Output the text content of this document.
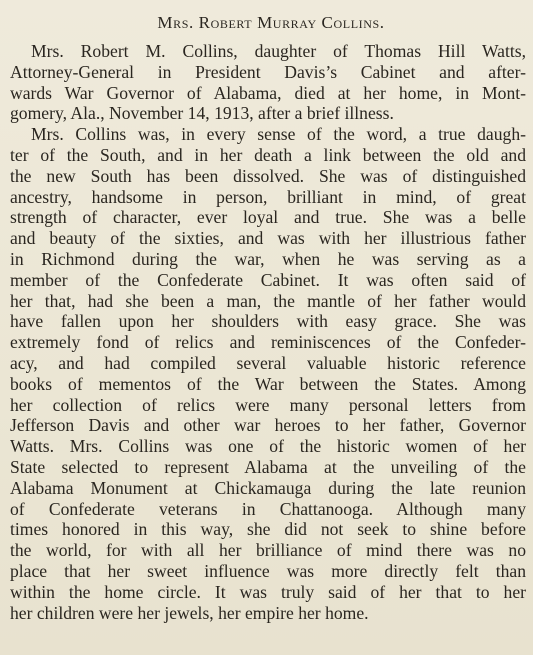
Mrs. Robert Murray Collins.
Mrs. Robert M. Collins, daughter of Thomas Hill Watts,
Attorney-General in President Davis’s Cabinet and after-
wards War Governor of Alabama, died at her home, in Mont-
gomery, Ala., November 14, 1913, after a brief illness.
Mrs. Collins was, in every sense of the word, a true daugh-
ter of the South, and in her death a link between the old and
the new South has been dissolved. She was of distinguished
ancestry, handsome in person, brilliant in mind, of great
strength of character, ever loyal and true. She was a belle
and beauty of the sixties, and was with her illustrious father
in Richmond during the war, when he was serving as a
member of the Confederate Cabinet. It was often said of
her that, had she been a man, the mantle of her father would
have fallen upon her shoulders with easy grace. She was
extremely fond of relics and reminiscences of the Confeder-
acy, and had compiled several valuable historic reference
books of mementos of the War between the States. Among
her collection of relics were many personal letters from
Jefferson Davis and other war heroes to her father, Governor
Watts. Mrs. Collins was one of the historic women of her
State selected to represent Alabama at the unveiling of the
Alabama Monument at Chickamauga during the late reunion
of Confederate veterans in Chattanooga. Although many
times honored in this way, she did not seek to shine before
the world, for with all her brilliance of mind there was no
place that her sweet influence was more directly felt than
within the home circle. It was truly said of her that to her
her children were her jewels, her empire her home.
